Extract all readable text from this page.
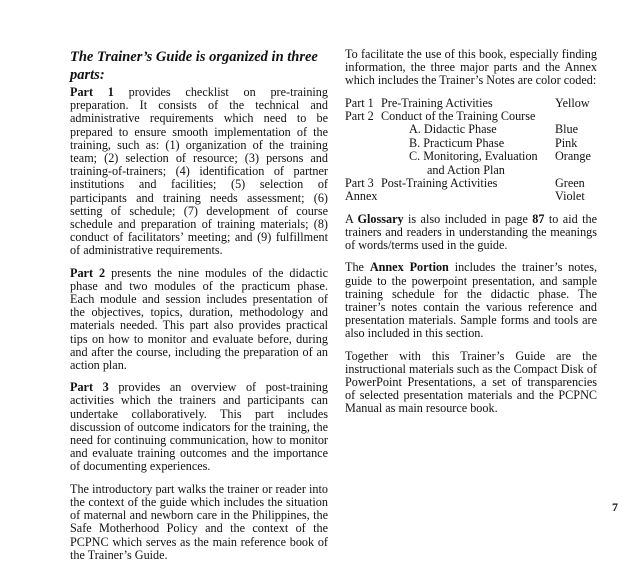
The Trainer’s Guide is organized in three parts:

Part 1 provides checklist on pre-training preparation. It consists of the technical and administrative requirements which need to be prepared to ensure smooth implementation of the training, such as: (1) organization of the training team; (2) selection of resource; (3) persons and training-of-trainers; (4) identification of partner institutions and facilities; (5) selection of participants and training needs assessment; (6) setting of schedule; (7) development of course schedule and preparation of training materials; (8) conduct of facilitators’ meeting; and (9) fulfillment of administrative requirements.

Part 2 presents the nine modules of the didactic phase and two modules of the practicum phase. Each module and session includes presentation of the objectives, topics, duration, methodology and materials needed. This part also provides practical tips on how to monitor and evaluate before, during and after the course, including the preparation of an action plan.

Part 3 provides an overview of post-training activities which the trainers and participants can undertake collaboratively. This part includes discussion of outcome indicators for the training, the need for continuing communication, how to monitor and evaluate training outcomes and the importance of documenting experiences.

The introductory part walks the trainer or reader into the context of the guide which includes the situation of maternal and newborn care in the Philippines, the Safe Motherhood Policy and the context of the PCPNC which serves as the main reference book of the Trainer’s Guide.

To facilitate the use of this book, especially finding information, the three major parts and the Annex which includes the Trainer’s Notes are color coded:

Part 1 Pre-Training Activities	Yellow
Part 2 Conduct of the Training Course
A. Didactic Phase	Blue
B. Practicum Phase	Pink
C. Monitoring, Evaluation	Orange
and Action Plan
Part 3 Post-Training Activities	Green
Annex	Violet

A Glossary is also included in page 87 to aid the trainers and readers in understanding the meanings of words/terms used in the guide.

The Annex Portion includes the trainer’s notes, guide to the powerpoint presentation, and sample training schedule for the didactic phase. The trainer’s notes contain the various reference and presentation materials. Sample forms and tools are also included in this section.

Together with this Trainer’s Guide are the instructional materials such as the Compact Disk of PowerPoint Presentations, a set of transparencies of selected presentation materials and the PCPNC Manual as main resource book.

7
